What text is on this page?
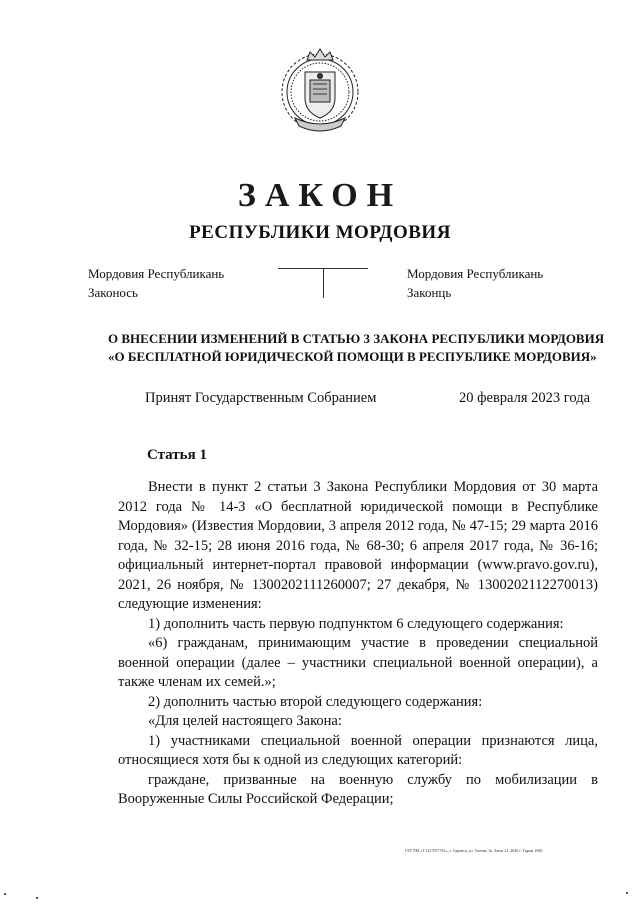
ЗАКОН
РЕСПУБЛИКИ МОРДОВИЯ
Мордовия Республикань
Законось
Мордовия Республикань
Законць
О ВНЕСЕНИИ ИЗМЕНЕНИЙ В СТАТЬЮ 3 ЗАКОНА РЕСПУБЛИКИ МОРДОВИЯ
«О БЕСПЛАТНОЙ ЮРИДИЧЕСКОЙ ПОМОЩИ В РЕСПУБЛИКЕ МОРДОВИЯ»
Принят Государственным Собранием	20 февраля 2023 года
Статья 1

Внести в пункт 2 статьи 3 Закона Республики Мордовия от 30 марта 2012 года № 14-З «О бесплатной юридической помощи в Республике Мордовия» (Известия Мордовии, 3 апреля 2012 года, № 47-15; 29 марта 2016 года, № 32-15; 28 июня 2016 года, № 68-30; 6 апреля 2017 года, № 36-16; официальный интернет-портал правовой информации (www.pravo.gov.ru), 2021, 26 ноября, № 1300202111260007; 27 декабря, № 1300202112270013) следующие изменения:

1) дополнить часть первую подпунктом 6 следующего содержания:

«6) гражданам, принимающим участие в проведении специальной военной операции (далее – участники специальной военной операции), а также членам их семей.»;

2) дополнить частью второй следующего содержания:

«Для целей настоящего Закона:

1) участниками специальной военной операции признаются лица, относящиеся хотя бы к одной из следующих категорий:

граждане, призванные на военную службу по мобилизации в Вооруженные Силы Российской Федерации;

ГБУ РМ «Т 1227017761», г. Саранск, ул. Титова, 3а. Заказ 21. 2020 г. Тираж 1000
